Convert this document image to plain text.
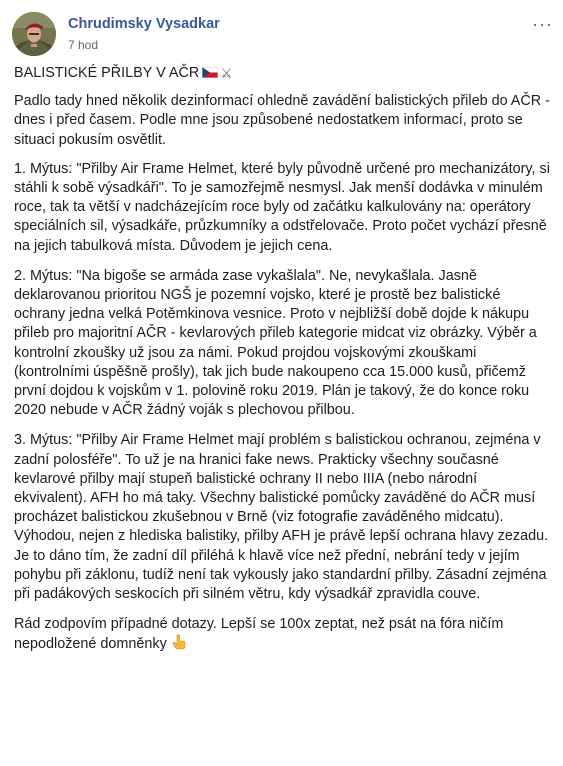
Chrudimsky Vysadkar
7 hod
···

BALISTICKÉ PŘILBY V AČR ⚔

Padlo tady hned několik dezinformací ohledně zavádění balistických přileb do AČR - dnes i před časem. Podle mne jsou způsobené nedostatkem informací, proto se situaci pokusím osvětlit.

1. Mýtus: "Přilby Air Frame Helmet, které byly původně určené pro mechanizátory, si stáhli k sobě výsadkáři". To je samozřejmě nesmysl. Jak menší dodávka v minulém roce, tak ta větší v nadcházejícím roce byly od začátku kalkulovány na: operátory speciálních sil, výsadkáře, průzkumníky a odstřelovače. Proto počet vychází přesně na jejich tabulková místa. Důvodem je jejich cena.

2. Mýtus: "Na bigoše se armáda zase vykašlala". Ne, nevykašlala. Jasně deklarovanou prioritou NGŠ je pozemní vojsko, které je prostě bez balistické ochrany jedna velká Potěmkinova vesnice. Proto v nejbližší době dojde k nákupu přileb pro majoritní AČR - kevlarových přileb kategorie midcat viz obrázky. Výběr a kontrolní zkoušky už jsou za námi. Pokud projdou vojskovými zkouškami (kontrolními úspěšně prošly), tak jich bude nakoupeno cca 15.000 kusů, přičemž první dojdou k vojskům v 1. polovině roku 2019. Plán je takový, že do konce roku 2020 nebude v AČR žádný voják s plechovou přilbou.

3. Mýtus: "Přilby Air Frame Helmet mají problém s balistickou ochranou, zejména v zadní polosféře". To už je na hranici fake news. Prakticky všechny současné kevlarové přilby mají stupeň balistické ochrany II nebo IIIA (nebo národní ekvivalent). AFH ho má taky. Všechny balistické pomůcky zaváděné do AČR musí procházet balistickou zkušebnou v Brně (viz fotografie zaváděného midcatu). Výhodou, nejen z hlediska balistiky, přilby AFH je právě lepší ochrana hlavy zezadu. Je to dáno tím, že zadní díl přiléhá k hlavě více než přední, nebrání tedy v jejím pohybu při záklonu, tudíž není tak vykously jako standardní přilby. Zásadní zejména při padákových seskocích při silném větru, kdy výsadkář zpravidla couve.

Rád zodpovím případné dotazy. Lepší se 100x zeptat, než psát na fóra ničím nepodložené domněnky
